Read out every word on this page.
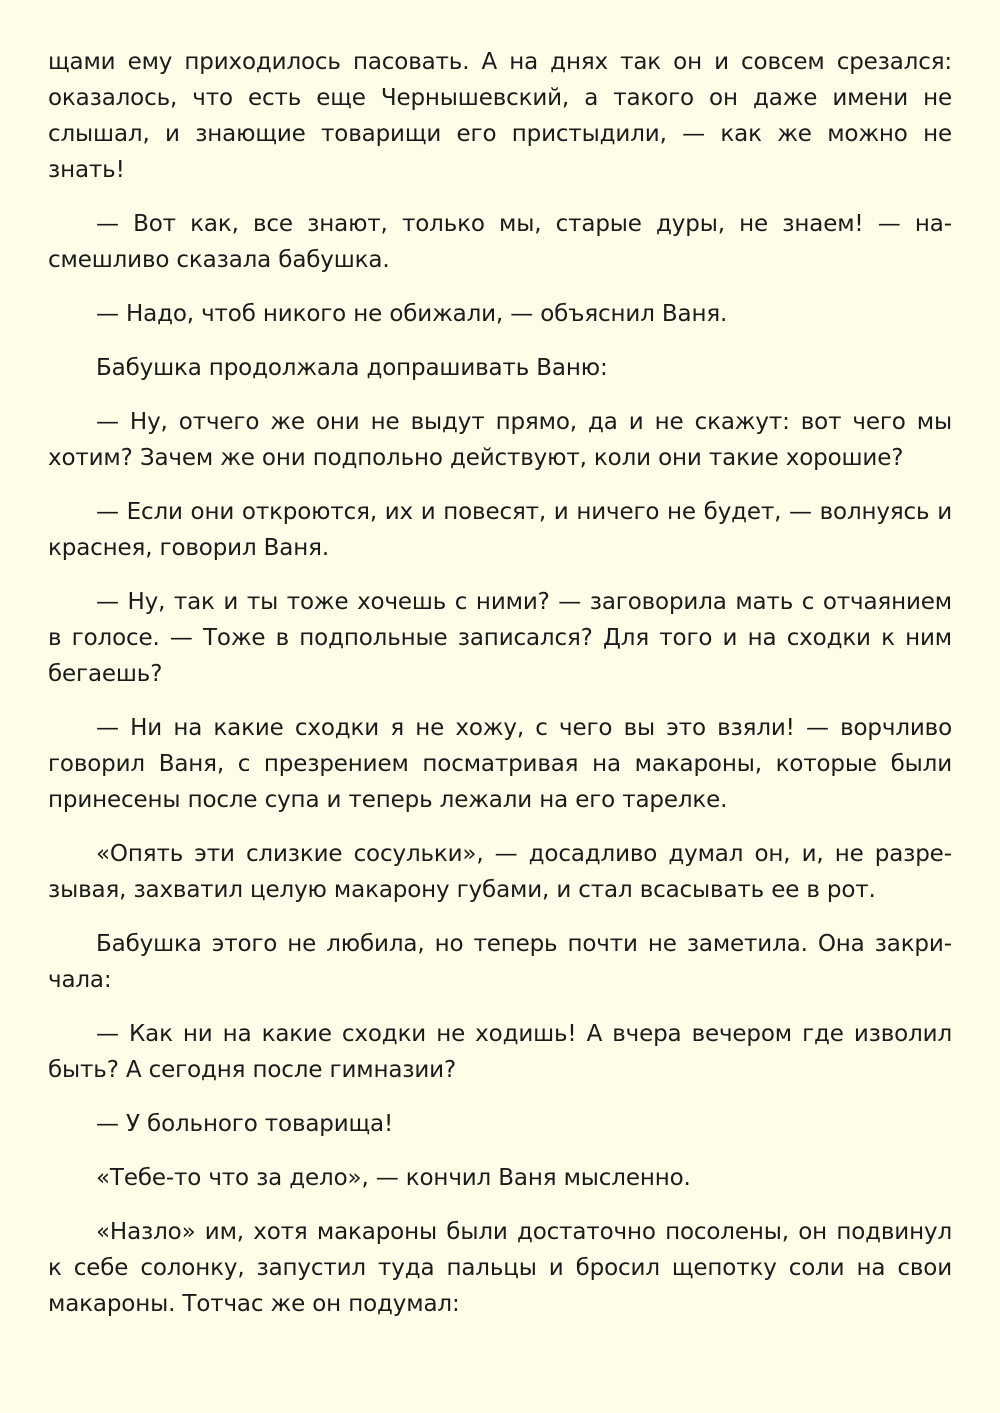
щами ему приходилось пасовать. А на днях так он и совсем срезался: оказалось, что есть еще Чернышевский, а такого он даже имени не слышал, и знающие товарищи его пристыдили, — как же можно не знать!

— Вот как, все знают, только мы, старые дуры, не знаем! — насмешливо сказала бабушка.

— Надо, чтоб никого не обижали, — объяснил Ваня.

Бабушка продолжала допрашивать Ваню:

— Ну, отчего же они не выдут прямо, да и не скажут: вот чего мы хотим? Зачем же они подпольно действуют, коли они такие хорошие?

— Если они откроются, их и повесят, и ничего не будет, — волнуясь и краснея, говорил Ваня.

— Ну, так и ты тоже хочешь с ними? — заговорила мать с отчаянием в голосе. — Тоже в подпольные записался? Для того и на сходки к ним бегаешь?

— Ни на какие сходки я не хожу, с чего вы это взяли! — ворчливо говорил Ваня, с презрением посматривая на макароны, которые были принесены после супа и теперь лежали на его тарелке.

«Опять эти слизкие сосульки», — досадливо думал он, и, не разрезывая, захватил целую макарону губами, и стал всасывать ее в рот.

Бабушка этого не любила, но теперь почти не заметила. Она закричала:

— Как ни на какие сходки не ходишь! А вчера вечером где изволил быть? А сегодня после гимназии?

— У больного товарища!

«Тебе-то что за дело», — кончил Ваня мысленно.

«Назло» им, хотя макароны были достаточно посолены, он подвинул к себе солонку, запустил туда пальцы и бросил щепотку соли на свои макароны. Тотчас же он подумал:
